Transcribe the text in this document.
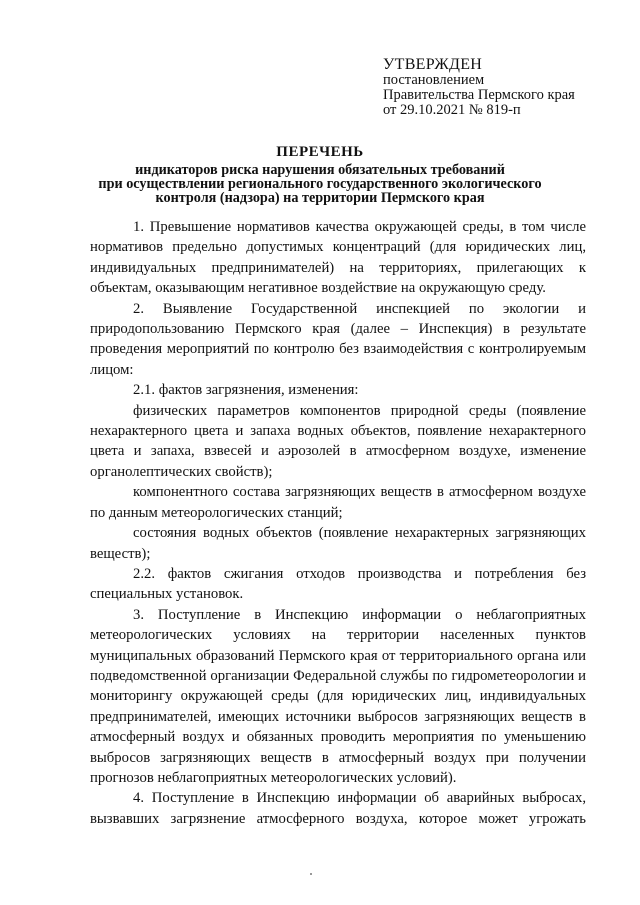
УТВЕРЖДЕН
постановлением
Правительства Пермского края
от 29.10.2021 № 819-п
ПЕРЕЧЕНЬ
индикаторов риска нарушения обязательных требований
при осуществлении регионального государственного экологического
контроля (надзора) на территории Пермского края

1. Превышение нормативов качества окружающей среды, в том числе нормативов предельно допустимых концентраций (для юридических лиц, индивидуальных предпринимателей) на территориях, прилегающих к объектам, оказывающим негативное воздействие на окружающую среду.

2. Выявление Государственной инспекцией по экологии и природопользованию Пермского края (далее – Инспекция) в результате проведения мероприятий по контролю без взаимодействия с контролируемым лицом:

2.1. фактов загрязнения, изменения:

физических параметров компонентов природной среды (появление нехарактерного цвета и запаха водных объектов, появление нехарактерного цвета и запаха, взвесей и аэрозолей в атмосферном воздухе, изменение органолептических свойств);

компонентного состава загрязняющих веществ в атмосферном воздухе по данным метеорологических станций;

состояния водных объектов (появление нехарактерных загрязняющих веществ);

2.2. фактов сжигания отходов производства и потребления без специальных установок.

3. Поступление в Инспекцию информации о неблагоприятных метеорологических условиях на территории населенных пунктов муниципальных образований Пермского края от территориального органа или подведомственной организации Федеральной службы по гидрометеорологии и мониторингу окружающей среды (для юридических лиц, индивидуальных предпринимателей, имеющих источники выбросов загрязняющих веществ в атмосферный воздух и обязанных проводить мероприятия по уменьшению выбросов загрязняющих веществ в атмосферный воздух при получении прогнозов неблагоприятных метеорологических условий).

4. Поступление в Инспекцию информации об аварийных выбросах, вызвавших загрязнение атмосферного воздуха, которое может угрожать
